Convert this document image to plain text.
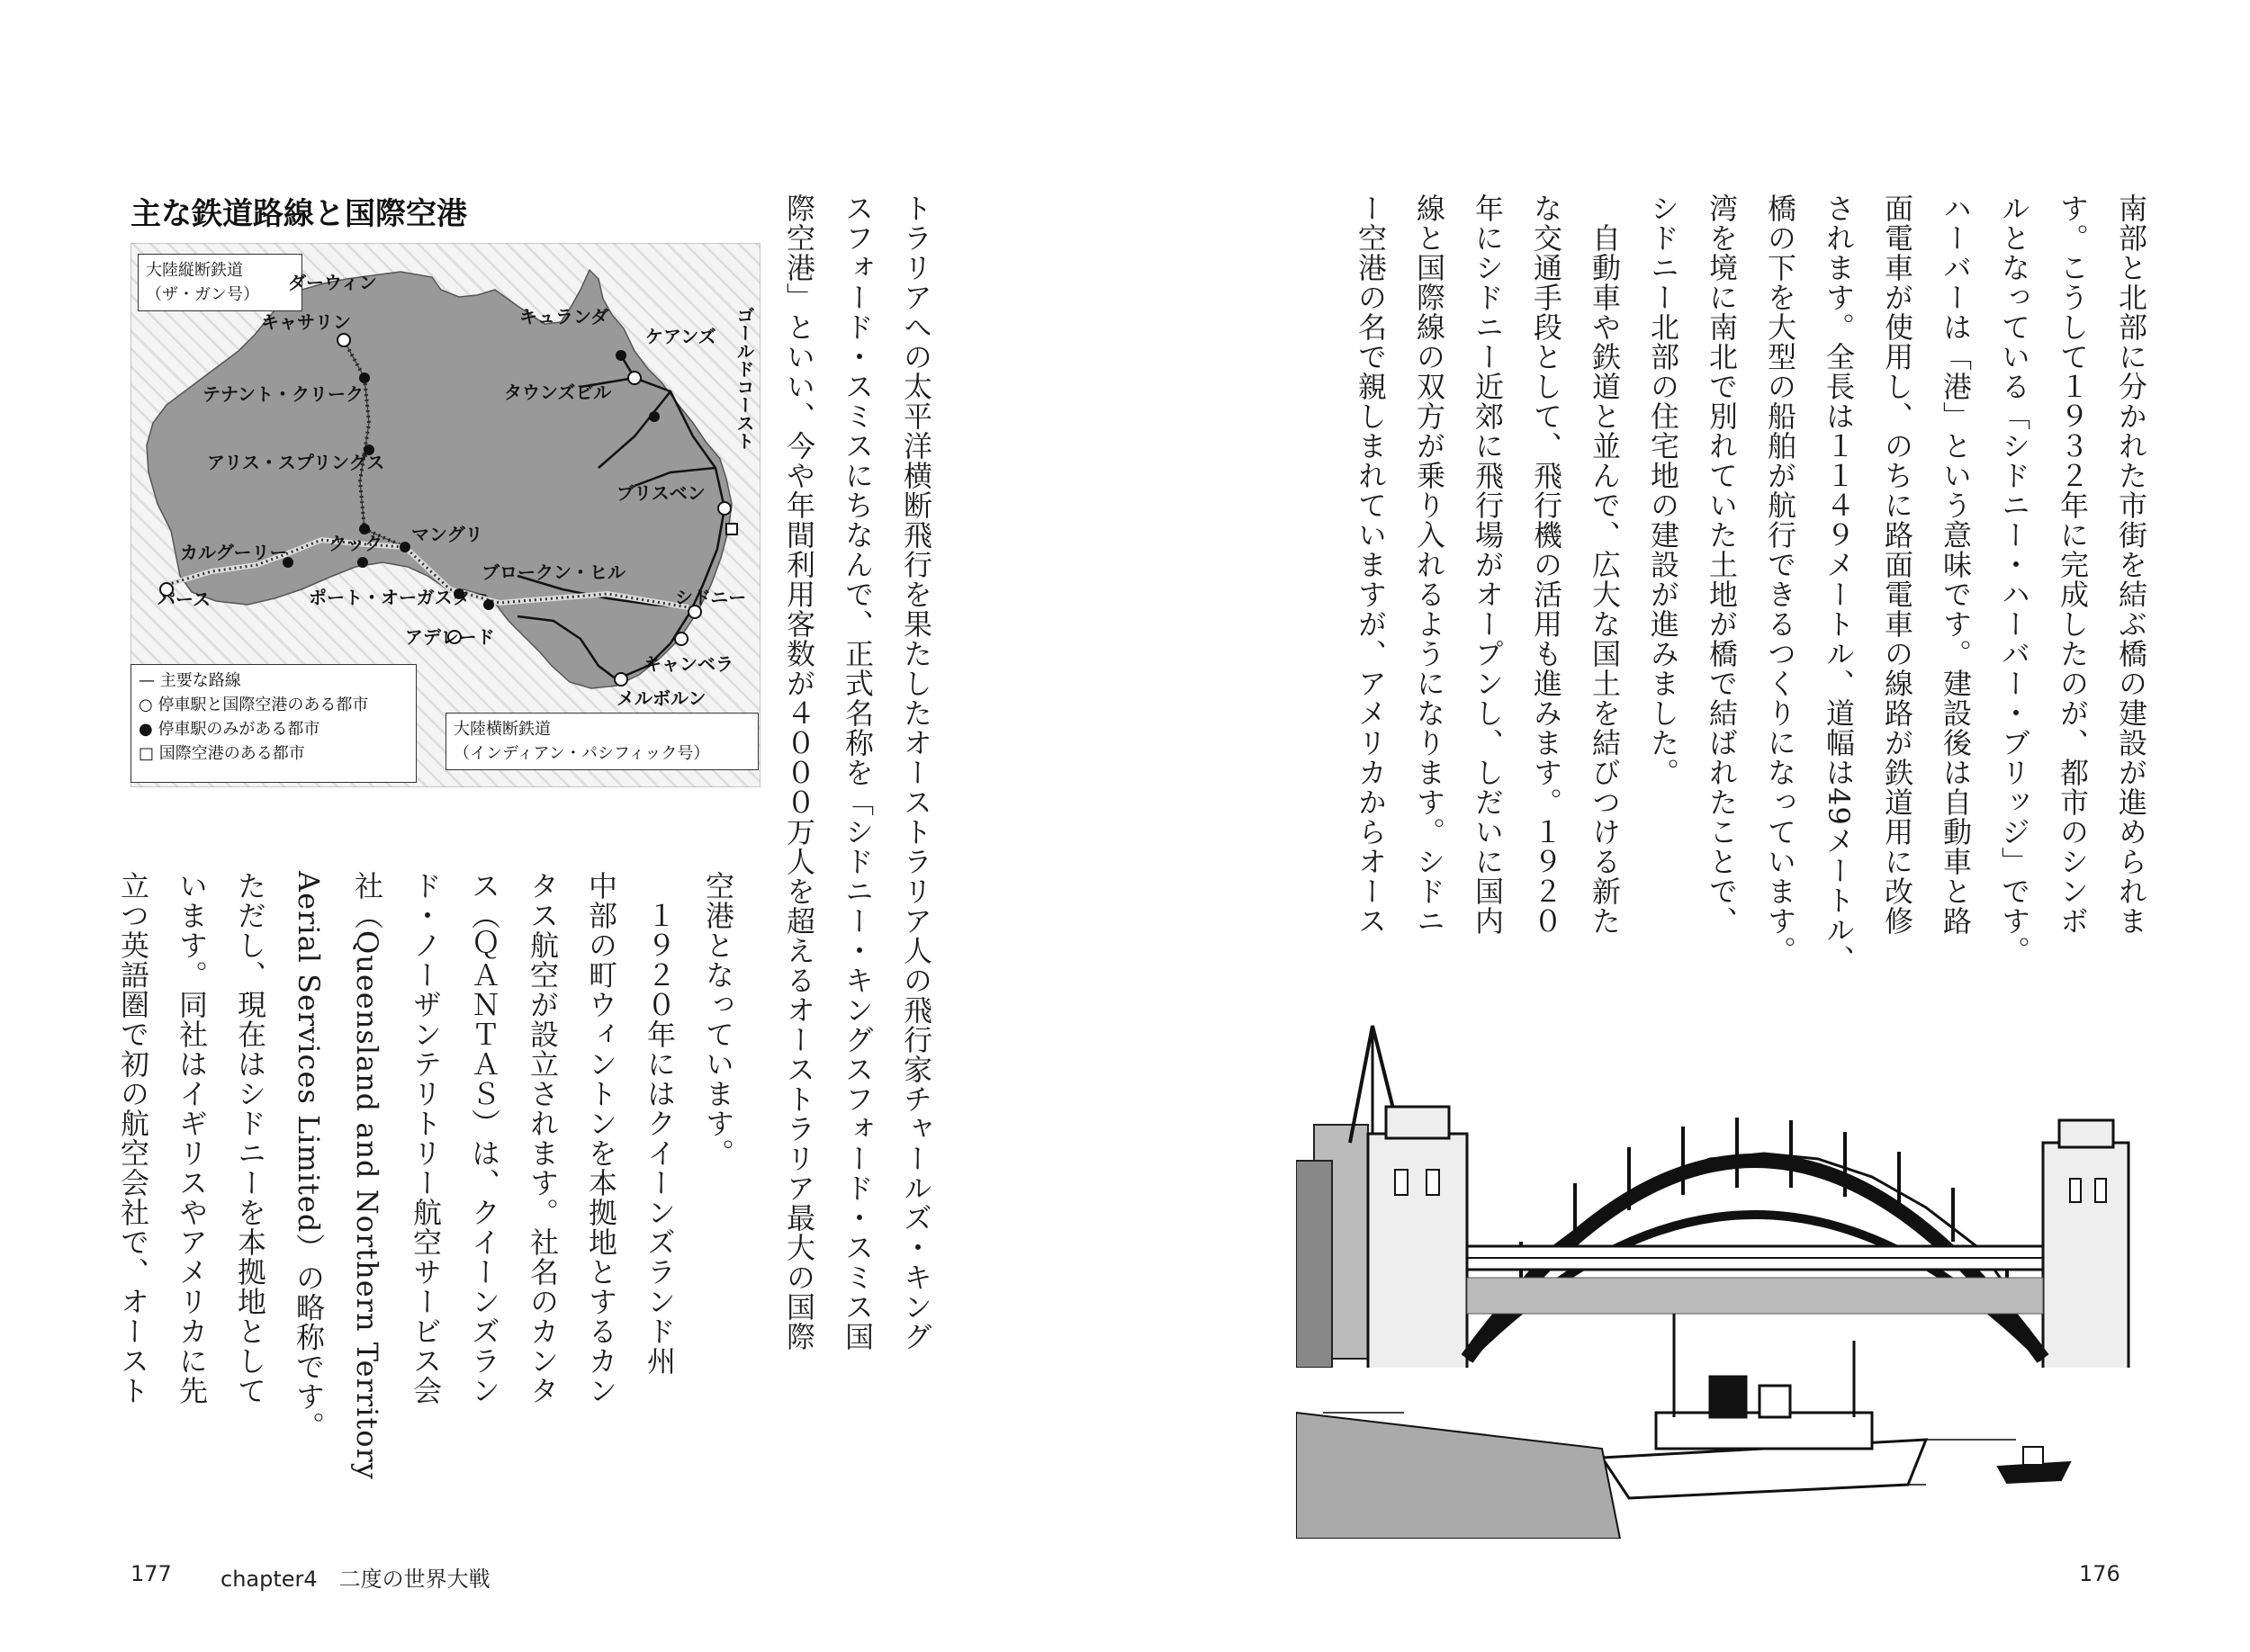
主な鉄道路線と国際空港
大陸縦断鉄道
（ザ・ガン号）
ダーウィン
キャサリン
テナント・クリーク
アリス・スプリングス
キュランダ
ケアンズ
タウンズビル	ゴールドコースト
ブリスベン
マングリ
カルグーリー クック
パース	ポート・オーガスタ
ブロークン・ヒル
シドニー
アデレード
キャンベラ
メルボルン
— 主要な路線
○ 停車駅と国際空港のある都市
● 停車駅のみがある都市
□ 国際空港のある都市
大陸横断鉄道
（インディアン・パシフィック号）	トラリアへの太平洋横断飛行を果たしたオーストラリア人の飛行家チャールズ・キング

スフォード・スミスにちなんで、正式名称を「シドニー・キングスフォード・スミス国

際空港」といい、今や年間利用客数が４０００万人を超えるオーストラリア最大の国際

空港となっています。

　１９２０年にはクイーンズランド州

中部の町ウィントンを本拠地とするカン

タス航空が設立されます。社名のカンタ

ス（ＱＡＮＴＡＳ）は、クイーンズラン

ド・ノーザンテリトリー航空サービス会

社（Queensland and Northern Territory

Aerial Services Limited）の略称です。

ただし、現在はシドニーを本拠地として

います。同社はイギリスやアメリカに先

立つ英語圏で初の航空会社で、オースト

177 chapter4　二度の世界大戦

南部と北部に分かれた市街を結ぶ橋の建設が進められま

す。こうして１９３２年に完成したのが、都市のシンボ

ルとなっている「シドニー・ハーバー・ブリッジ」です。

ハーバーは「港」という意味です。建設後は自動車と路

面電車が使用し、のちに路面電車の線路が鉄道用に改修

されます。全長は１１４９メートル、道幅は49メートル、

橋の下を大型の船舶が航行できるつくりになっています。

湾を境に南北で別れていた土地が橋で結ばれたことで、

シドニー北部の住宅地の建設が進みました。

　自動車や鉄道と並んで、広大な国土を結びつける新た

な交通手段として、飛行機の活用も進みます。１９２０

年にシドニー近郊に飛行場がオープンし、しだいに国内

線と国際線の双方が乗り入れるようになります。シドニ

ー空港の名で親しまれていますが、アメリカからオース

176
